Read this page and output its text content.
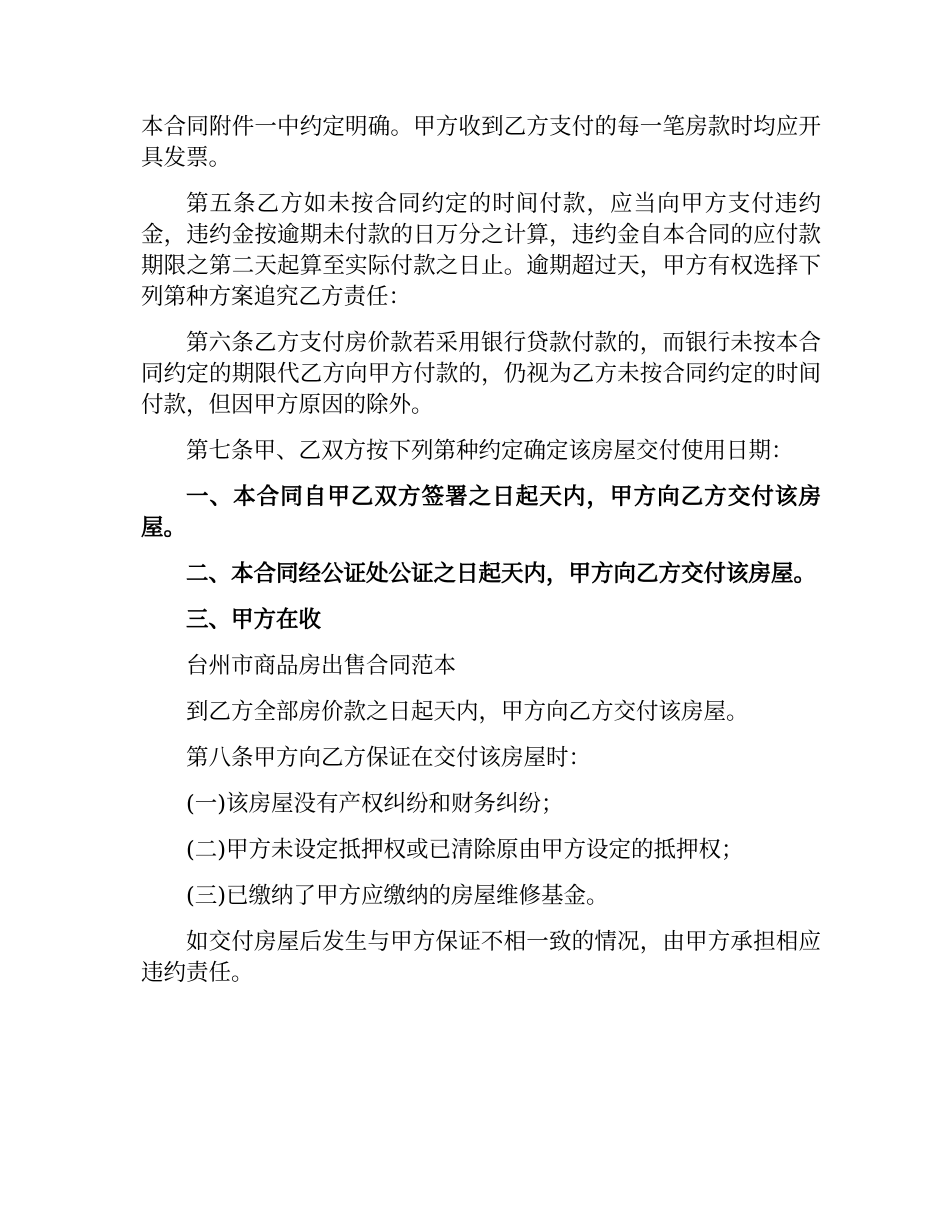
本合同附件一中约定明确。甲方收到乙方支付的每一笔房款时均应开具发票。

第五条乙方如未按合同约定的时间付款，应当向甲方支付违约金，违约金按逾期未付款的日万分之计算，违约金自本合同的应付款期限之第二天起算至实际付款之日止。逾期超过天，甲方有权选择下列第种方案追究乙方责任：

第六条乙方支付房价款若采用银行贷款付款的，而银行未按本合同约定的期限代乙方向甲方付款的，仍视为乙方未按合同约定的时间付款，但因甲方原因的除外。

第七条甲、乙双方按下列第种约定确定该房屋交付使用日期：

一、本合同自甲乙双方签署之日起天内，甲方向乙方交付该房屋。

二、本合同经公证处公证之日起天内，甲方向乙方交付该房屋。

三、甲方在收

台州市商品房出售合同范本

到乙方全部房价款之日起天内，甲方向乙方交付该房屋。

第八条甲方向乙方保证在交付该房屋时：

(一)该房屋没有产权纠纷和财务纠纷；

(二)甲方未设定抵押权或已清除原由甲方设定的抵押权；

(三)已缴纳了甲方应缴纳的房屋维修基金。

如交付房屋后发生与甲方保证不相一致的情况，由甲方承担相应违约责任。
